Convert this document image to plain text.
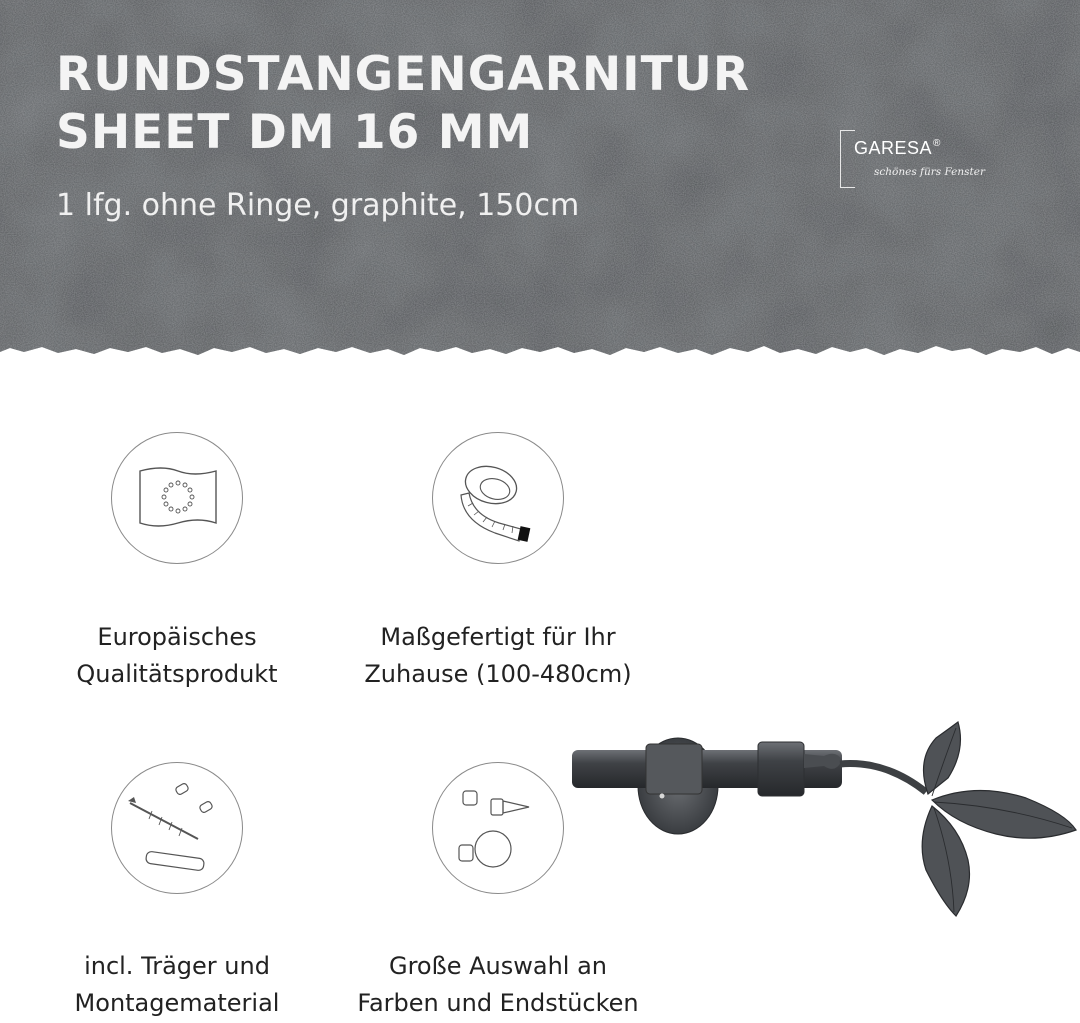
RUNDSTANGENGARNITUR
SHEET DM 16 MM
1 lfg. ohne Ringe, graphite, 150cm
GARESA®
schönes fürs Fenster
Europäisches
Qualitätsprodukt
Maßgefertigt für Ihr
Zuhause (100-480cm)
incl. Träger und
Montagematerial
Große Auswahl an
Farben und Endstücken
